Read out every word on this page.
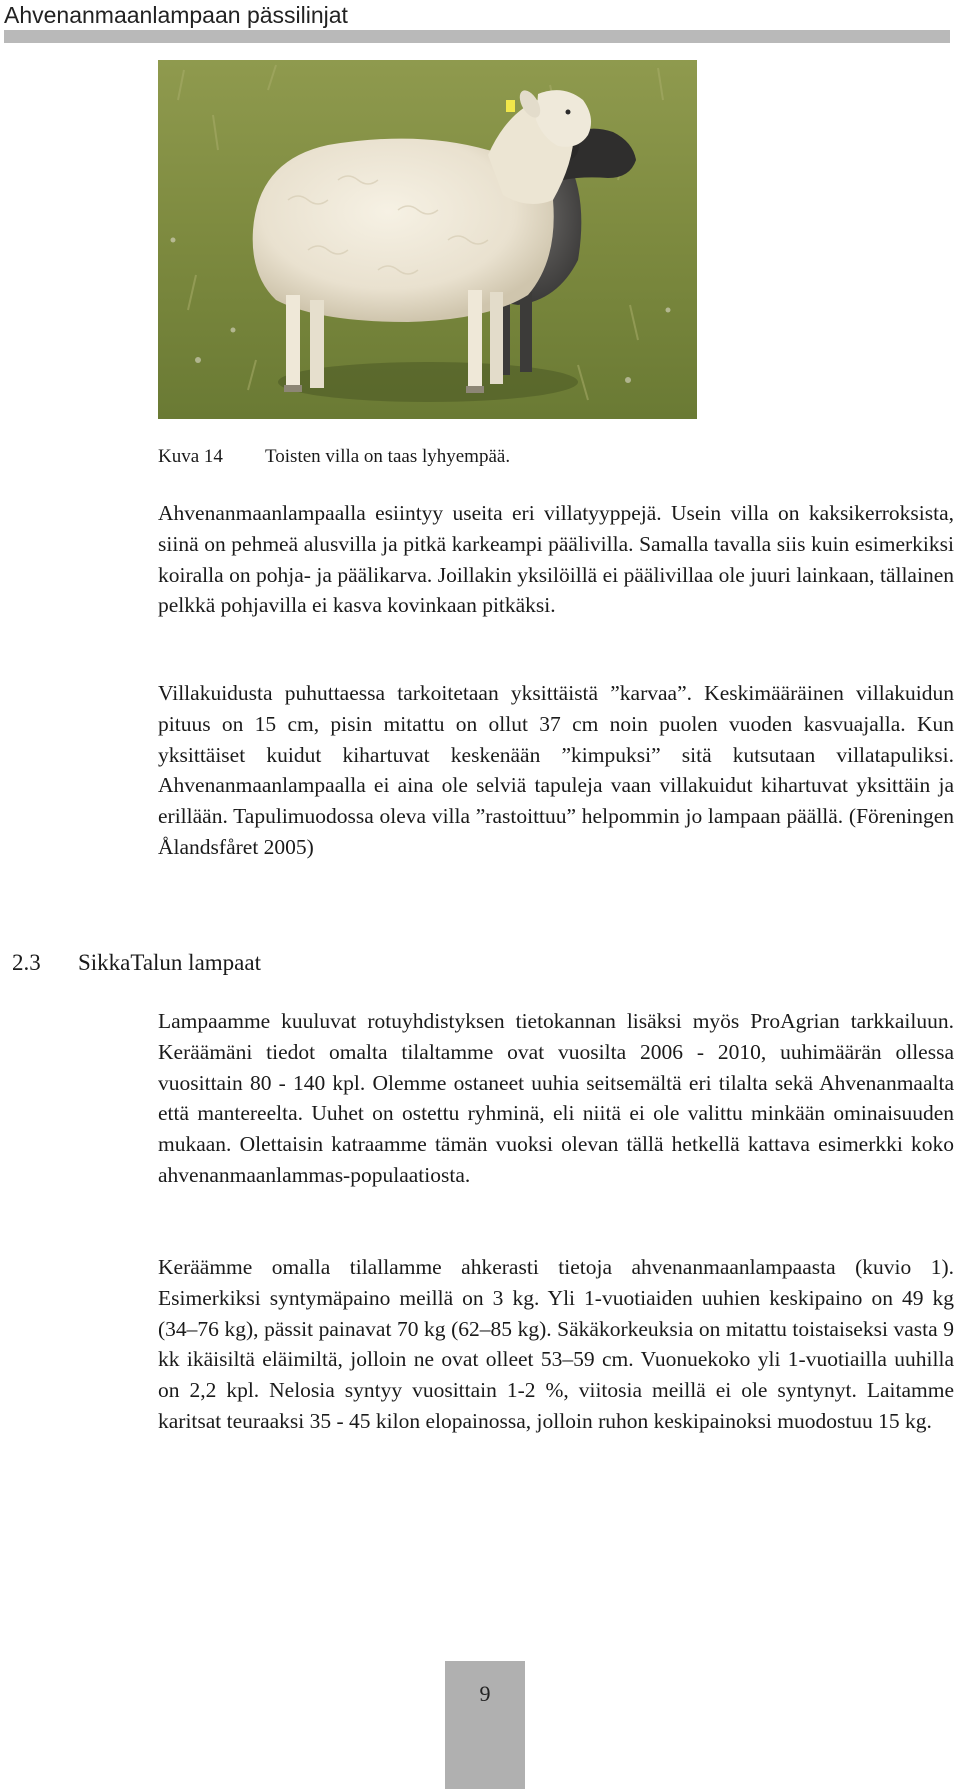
Ahvenanmaanlampaan pässilinjat
Kuva 14 Toisten villa on taas lyhyempää.

Ahvenanmaanlampaalla esiintyy useita eri villatyyppejä. Usein villa on kaksikerroksista, siinä on pehmeä alusvilla ja pitkä karkeampi päälivilla. Samalla tavalla siis kuin esimerkiksi koiralla on pohja- ja päälikarva. Joillakin yksilöillä ei päälivillaa ole juuri lainkaan, tällainen pelkkä pohjavilla ei kasva kovinkaan pitkäksi.

Villakuidusta puhuttaessa tarkoitetaan yksittäistä ”karvaa”. Keskimääräinen villakuidun pituus on 15 cm, pisin mitattu on ollut 37 cm noin puolen vuoden kasvuajalla. Kun yksittäiset kuidut kihartuvat keskenään ”kimpuksi” sitä kutsutaan villatapuliksi. Ahvenanmaanlampaalla ei aina ole selviä tapuleja vaan villakuidut kihartuvat yksittäin ja erillään. Tapulimuodossa oleva villa ”rastoittuu” helpommin jo lampaan päällä. (Föreningen Ålandsfåret 2005)

2.3 SikkaTalun lampaat

Lampaamme kuuluvat rotuyhdistyksen tietokannan lisäksi myös ProAgrian tarkkailuun. Keräämäni tiedot omalta tilaltamme ovat vuosilta 2006 - 2010, uuhimäärän ollessa vuosittain 80 - 140 kpl. Olemme ostaneet uuhia seitsemältä eri tilalta sekä Ahvenanmaalta että mantereelta. Uuhet on ostettu ryhminä, eli niitä ei ole valittu minkään ominaisuuden mukaan. Olettaisin katraamme tämän vuoksi olevan tällä hetkellä kattava esimerkki koko ahvenanmaanlammas-populaatiosta.

Keräämme omalla tilallamme ahkerasti tietoja ahvenanmaanlampaasta (kuvio 1). Esimerkiksi syntymäpaino meillä on 3 kg. Yli 1-vuotiaiden uuhien keskipaino on 49 kg (34–76 kg), pässit painavat 70 kg (62–85 kg). Säkäkorkeuksia on mitattu toistaiseksi vasta 9 kk ikäisiltä eläimiltä, jolloin ne ovat olleet 53–59 cm. Vuonuekoko yli 1-vuotiailla uuhilla on 2,2 kpl. Nelosia syntyy vuosittain 1-2 %, viitosia meillä ei ole syntynyt. Laitamme karitsat teuraaksi 35 - 45 kilon elopainossa, jolloin ruhon keskipainoksi muodostuu 15 kg.

9
